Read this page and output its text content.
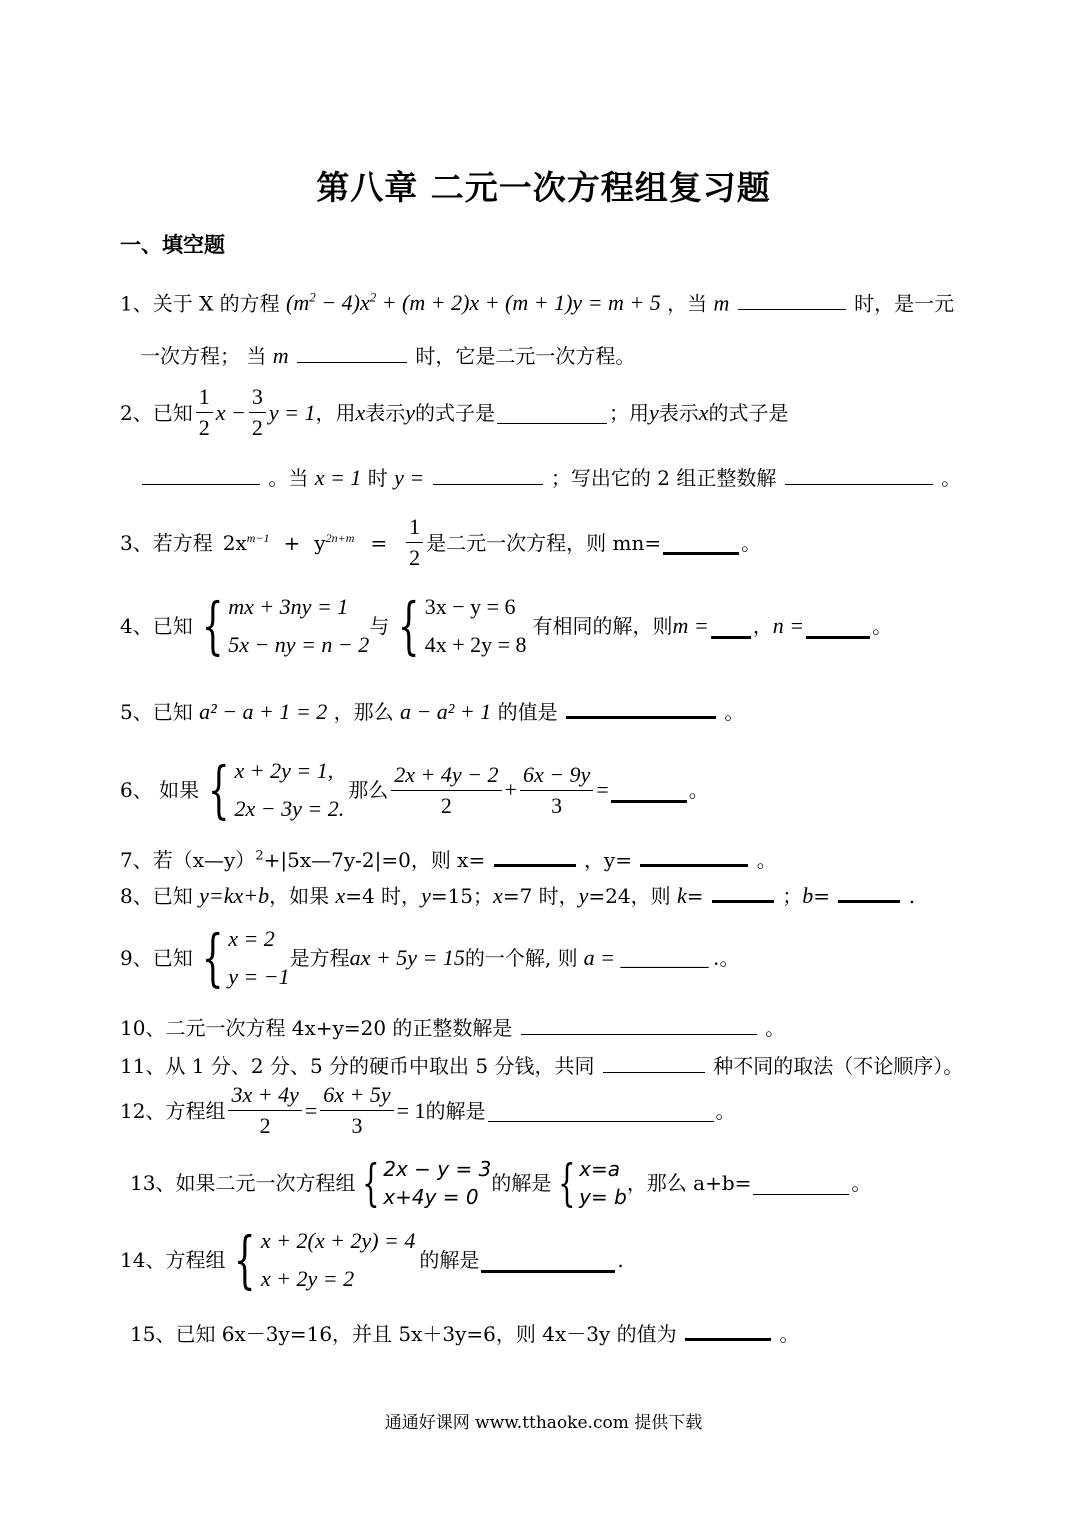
第八章 二元一次方程组复习题
一、填空题
1、关于 X 的方程 $(m^2 - 4)x^2 + (m + 2)x + (m + 1)y = m + 5$ ，当 m	时，是一元
一次方程； 当 m	时，它是二元一次方程。
2、已知 $\frac{1}{2}$ $x - \frac{3}{2}$ y = 1 ，用 x 表示 y 的式子是	；用 y 表示 x 的式子是
。当 x = 1 时 y =	；写出它的 2 组正整数解	。
3、若方程 $2x^{m-1} + y^{2n+m} = \frac{1}{2}$ 是二元一次方程，则 mn=	。
4、已知 { mx + 3ny = 1
5x − ny = n − 2
与 { 3x − y = 6
4x + 2y = 8
有相同的解，则 m = ， n =	。
5、已知 a² − a + 1 = 2 ，那么 a − a² + 1 的值是	。
6、 如果 { x + 2y = 1,
2x − 3y = 2.
那么 $\frac{2x + 4y - 2}{2} + \frac{6x - 9y}{3}$ =	。
7、若（x—y）$^2$+|5x—7y-2|=0，则 x=	，y=	。
8、已知 y=kx+b，如果 x=4 时，y=15；x=7 时，y=24，则 k=	；b=	.
9、已知 { x = 2
y = −1
是方程 ax + 5y = 15 的一个解, 则 a = ________ . 。
10、二元一次方程 4x+y=20 的正整数解是	。
11、从 1 分、2 分、5 分的硬币中取出 5 分钱，共同	种不同的取法（不论顺序）。
12、方程组 $\frac{3x + 4y}{2} = \frac{6x + 5y}{3} = 1$ 的解是	。
13、如果二元一次方程组 { 2x − y = 3
x+4y = 0
的解是 { x=a
y= b
，那么 a+b=	。
14、方程组 { x + 2(x + 2y) = 4
x + 2y = 2
的解是	.
15、已知 6x－3y=16，并且 5x＋3y=6，则 4x－3y 的值为	。
通通好课网 www.tthaoke.com 提供下载
